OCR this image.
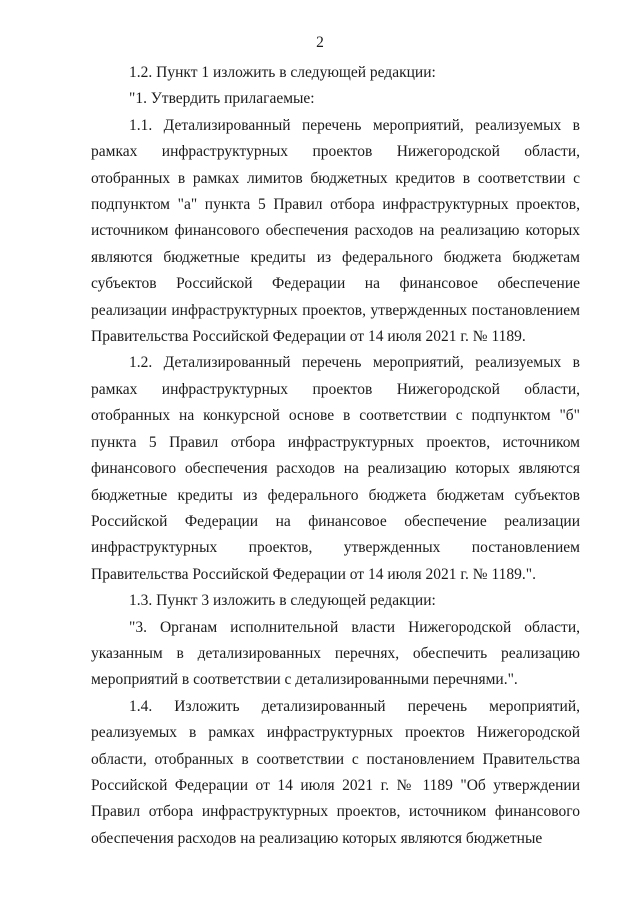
2

1.2. Пункт 1 изложить в следующей редакции:

"1. Утвердить прилагаемые:

1.1. Детализированный перечень мероприятий, реализуемых в рамках инфраструктурных проектов Нижегородской области, отобранных в рамках лимитов бюджетных кредитов в соответствии с подпунктом "а" пункта 5 Правил отбора инфраструктурных проектов, источником финансового обеспечения расходов на реализацию которых являются бюджетные кредиты из федерального бюджета бюджетам субъектов Российской Федерации на финансовое обеспечение реализации инфраструктурных проектов, утвержденных постановлением Правительства Российской Федерации от 14 июля 2021 г. № 1189.

1.2. Детализированный перечень мероприятий, реализуемых в рамках инфраструктурных проектов Нижегородской области, отобранных на конкурсной основе в соответствии с подпунктом "б" пункта 5 Правил отбора инфраструктурных проектов, источником финансового обеспечения расходов на реализацию которых являются бюджетные кредиты из федерального бюджета бюджетам субъектов Российской Федерации на финансовое обеспечение реализации инфраструктурных проектов, утвержденных постановлением Правительства Российской Федерации от 14 июля 2021 г. № 1189.".

1.3. Пункт 3 изложить в следующей редакции:

"3. Органам исполнительной власти Нижегородской области, указанным в детализированных перечнях, обеспечить реализацию мероприятий в соответствии с детализированными перечнями.".

1.4. Изложить детализированный перечень мероприятий, реализуемых в рамках инфраструктурных проектов Нижегородской области, отобранных в соответствии с постановлением Правительства Российской Федерации от 14 июля 2021 г. № 1189 "Об утверждении Правил отбора инфраструктурных проектов, источником финансового обеспечения расходов на реализацию которых являются бюджетные
